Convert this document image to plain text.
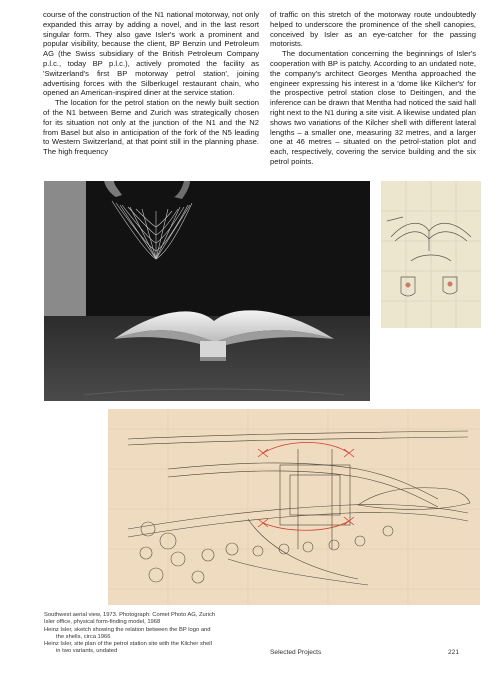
course of the construction of the N1 national motorway, not only expanded this array by adding a novel, and in the last resort singular form. They also gave Isler's work a prominent and popular visibility, because the client, BP Benzin und Petroleum AG (the Swiss subsidiary of the British Petroleum Company p.l.c., today BP p.l.c.), actively promoted the facility as 'Switzerland's first BP motorway petrol station', joining advertising forces with the Silberkugel restaurant chain, who opened an American-inspired diner at the service station.

The location for the petrol station on the newly built section of the N1 between Berne and Zurich was strategically chosen for its situation not only at the junction of the N1 and the N2 from Basel but also in anticipation of the fork of the N5 leading to Western Switzerland, at that point still in the planning phase. The high frequency

of traffic on this stretch of the motorway route undoubtedly helped to underscore the prominence of the shell canopies, conceived by Isler as an eye-catcher for the passing motorists.

The documentation concerning the beginnings of Isler's cooperation with BP is patchy. According to an undated note, the company's architect Georges Mentha approached the engineer expressing his interest in a 'dome like Kilcher's' for the prospective petrol station close to Deitingen, and the inference can be drawn that Mentha had noticed the said hall right next to the N1 during a site visit. A likewise undated plan shows two variations of the Kilcher shell with different lateral lengths – a smaller one, measuring 32 metres, and a larger one at 46 metres – situated on the petrol-station plot and each, respectively, covering the service building and the six petrol points.

Southwest aerial view, 1973. Photograph: Comet Photo AG, Zurich
Isler office, physical form-finding model, 1968
Heinz Isler, sketch showing the relation between the BP logo and
the shells, circa 1966
Heinz Isler, site plan of the petrol station site with the Kilcher shell
in two variants, undated	Selected Projects	221
